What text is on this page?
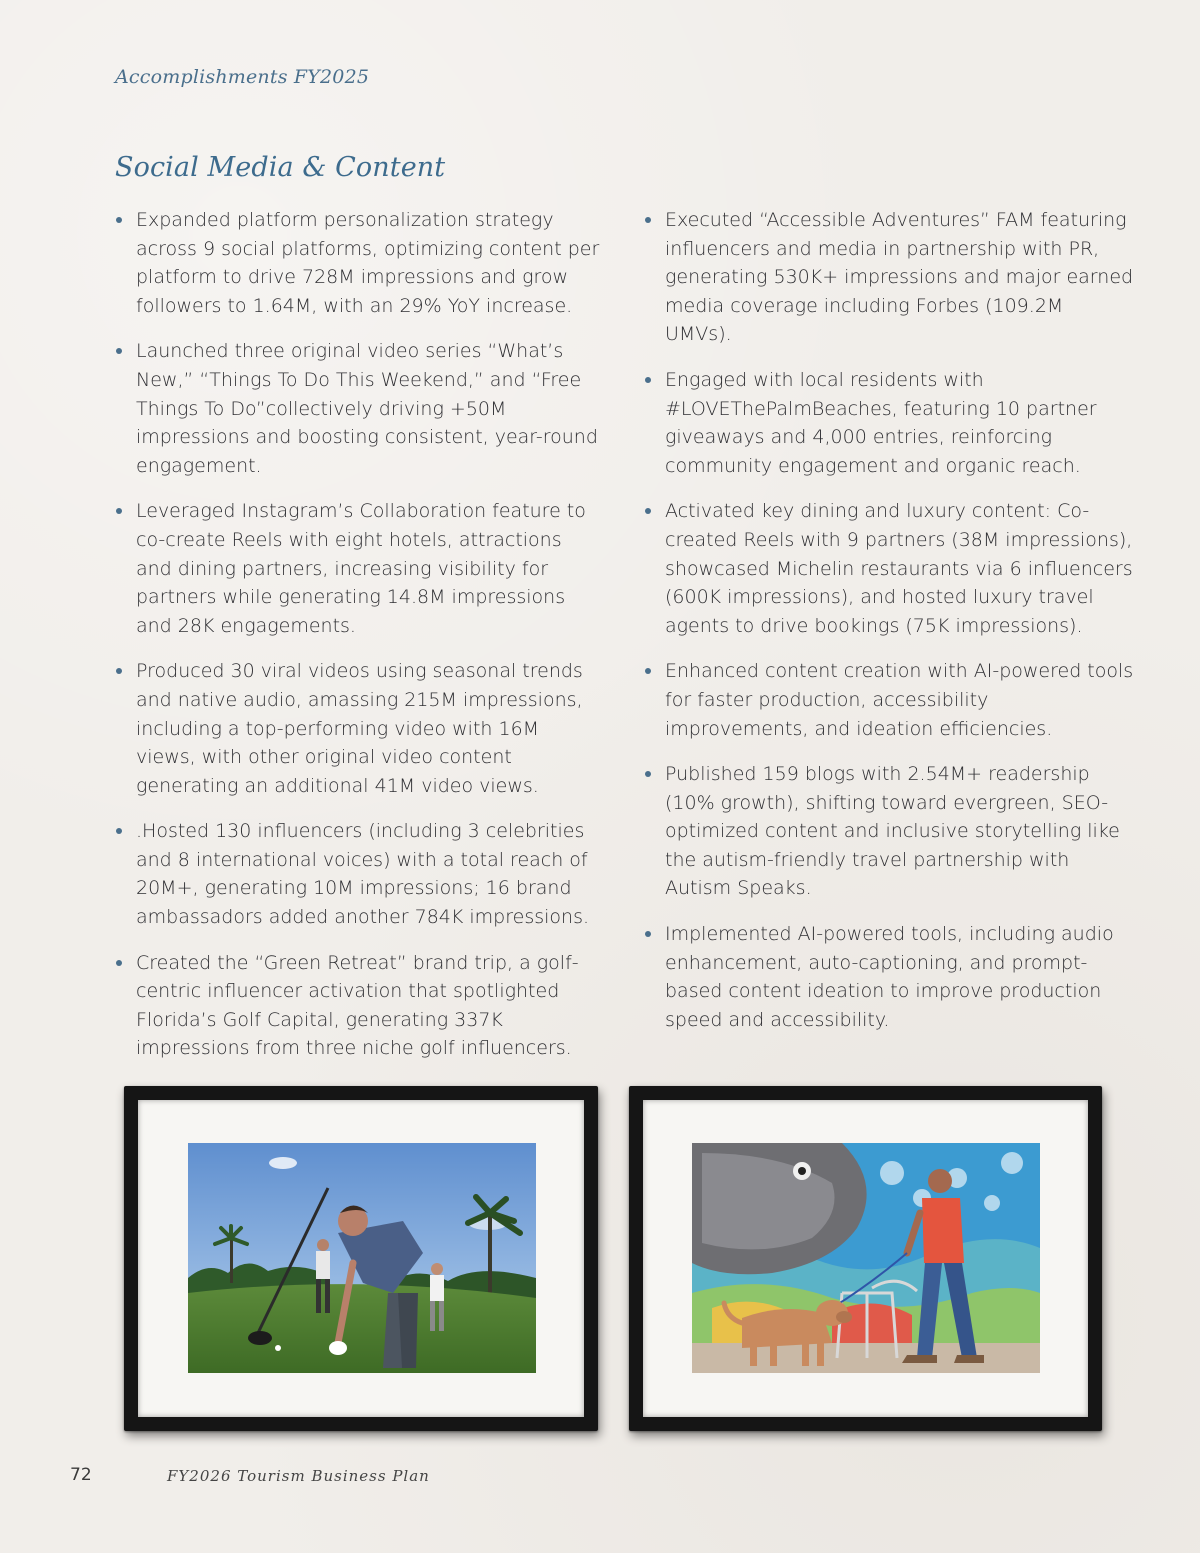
Accomplishments FY2025
Social Media & Content
Expanded platform personalization strategy across 9 social platforms, optimizing content per platform to drive 728M impressions and grow followers to 1.64M, with an 29% YoY increase.
Launched three original video series “What’s New,” “Things To Do This Weekend,” and “Free Things To Do”collectively driving +50M impressions and boosting consistent, year-round engagement.
Leveraged Instagram’s Collaboration feature to co-create Reels with eight hotels, attractions and dining partners, increasing visibility for partners while generating 14.8M impressions and 28K engagements.
Produced 30 viral videos using seasonal trends and native audio, amassing 215M impressions, including a top-performing video with 16M views, with other original video content generating an additional 41M video views.
.Hosted 130 influencers (including 3 celebrities and 8 international voices) with a total reach of 20M+, generating 10M impressions; 16 brand ambassadors added another 784K impressions.
Created the “Green Retreat” brand trip, a golf-centric influencer activation that spotlighted Florida’s Golf Capital, generating 337K impressions from three niche golf influencers.
Executed “Accessible Adventures” FAM featuring influencers and media in partnership with PR, generating 530K+ impressions and major earned media coverage including Forbes (109.2M UMVs).
Engaged with local residents with #LOVEThePalmBeaches, featuring 10 partner giveaways and 4,000 entries, reinforcing community engagement and organic reach.
Activated key dining and luxury content: Co-created Reels with 9 partners (38M impressions), showcased Michelin restaurants via 6 influencers (600K impressions), and hosted luxury travel agents to drive bookings (75K impressions).
Enhanced content creation with AI-powered tools for faster production, accessibility improvements, and ideation efficiencies.
Published 159 blogs with 2.54M+ readership (10% growth), shifting toward evergreen, SEO-optimized content and inclusive storytelling like the autism-friendly travel partnership with Autism Speaks.
Implemented AI-powered tools, including audio enhancement, auto-captioning, and prompt-based content ideation to improve production speed and accessibility.
72	FY2026 Tourism Business Plan
